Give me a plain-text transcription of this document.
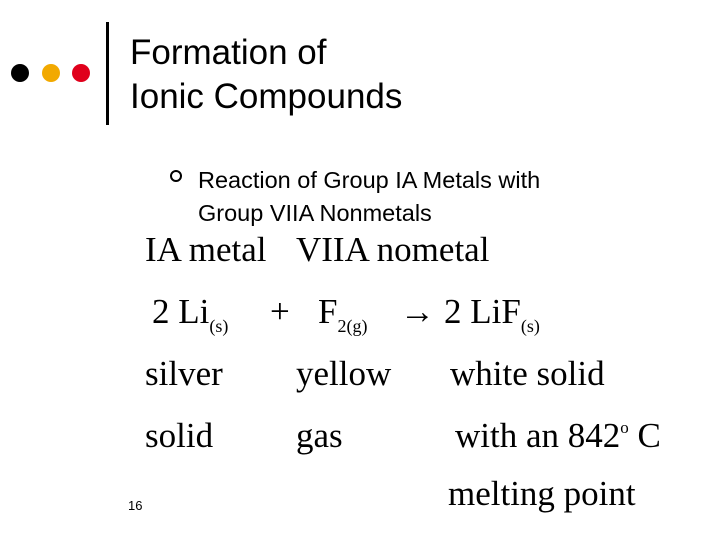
Formation of
Ionic Compounds
Reaction of Group IA Metals with
Group VIIA Nonmetals
IA metal VIIA nometal
2 Li(s) + F2(g) → 2 LiF(s)
silver
solid
yellow
gas
white solid
with an 842o C
melting point
16
